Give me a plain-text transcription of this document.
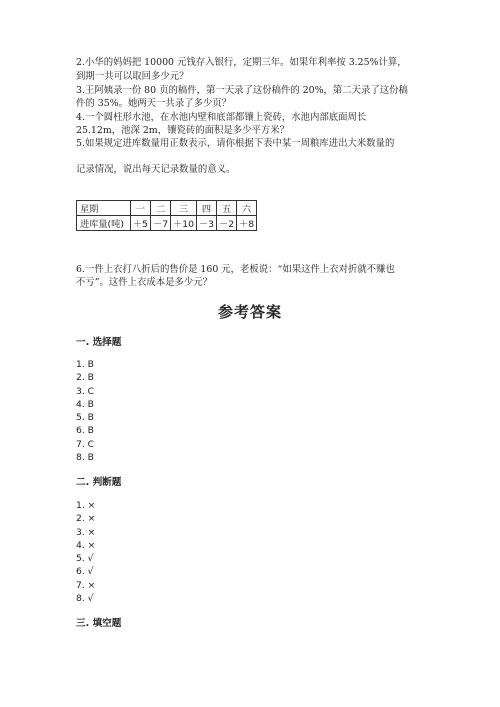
2.小华的妈妈把 10000 元钱存入银行，定期三年。如果年利率按 3.25%计算，
到期一共可以取回多少元？
3.王阿姨录一份 80 页的稿件，第一天录了这份稿件的 20%，第二天录了这份稿
件的 35%。她两天一共录了多少页？
4.一个圆柱形水池，在水池内壁和底部都镶上瓷砖，水池内部底面周长
25.12m，池深 2m，镶瓷砖的面积是多少平方米？
5.如果规定进库数量用正数表示，请你根据下表中某一周粮库进出大米数量的
记录情况，说出每天记录数量的意义。
星期	一	二	三	四	五	六
进库量(吨)	＋5	－7	＋10	－3	－2	＋8
6.一件上衣打八折后的售价是 160 元，老板说：“如果这件上衣对折就不赚也
不亏”。这件上衣成本是多少元？
参考答案
一. 选择题
1. B
2. B
3. C
4. B
5. B
6. B
7. C
8. B
二. 判断题
1. ×
2. ×
3. ×
4. ×
5. √
6. √
7. ×
8. √
三. 填空题
